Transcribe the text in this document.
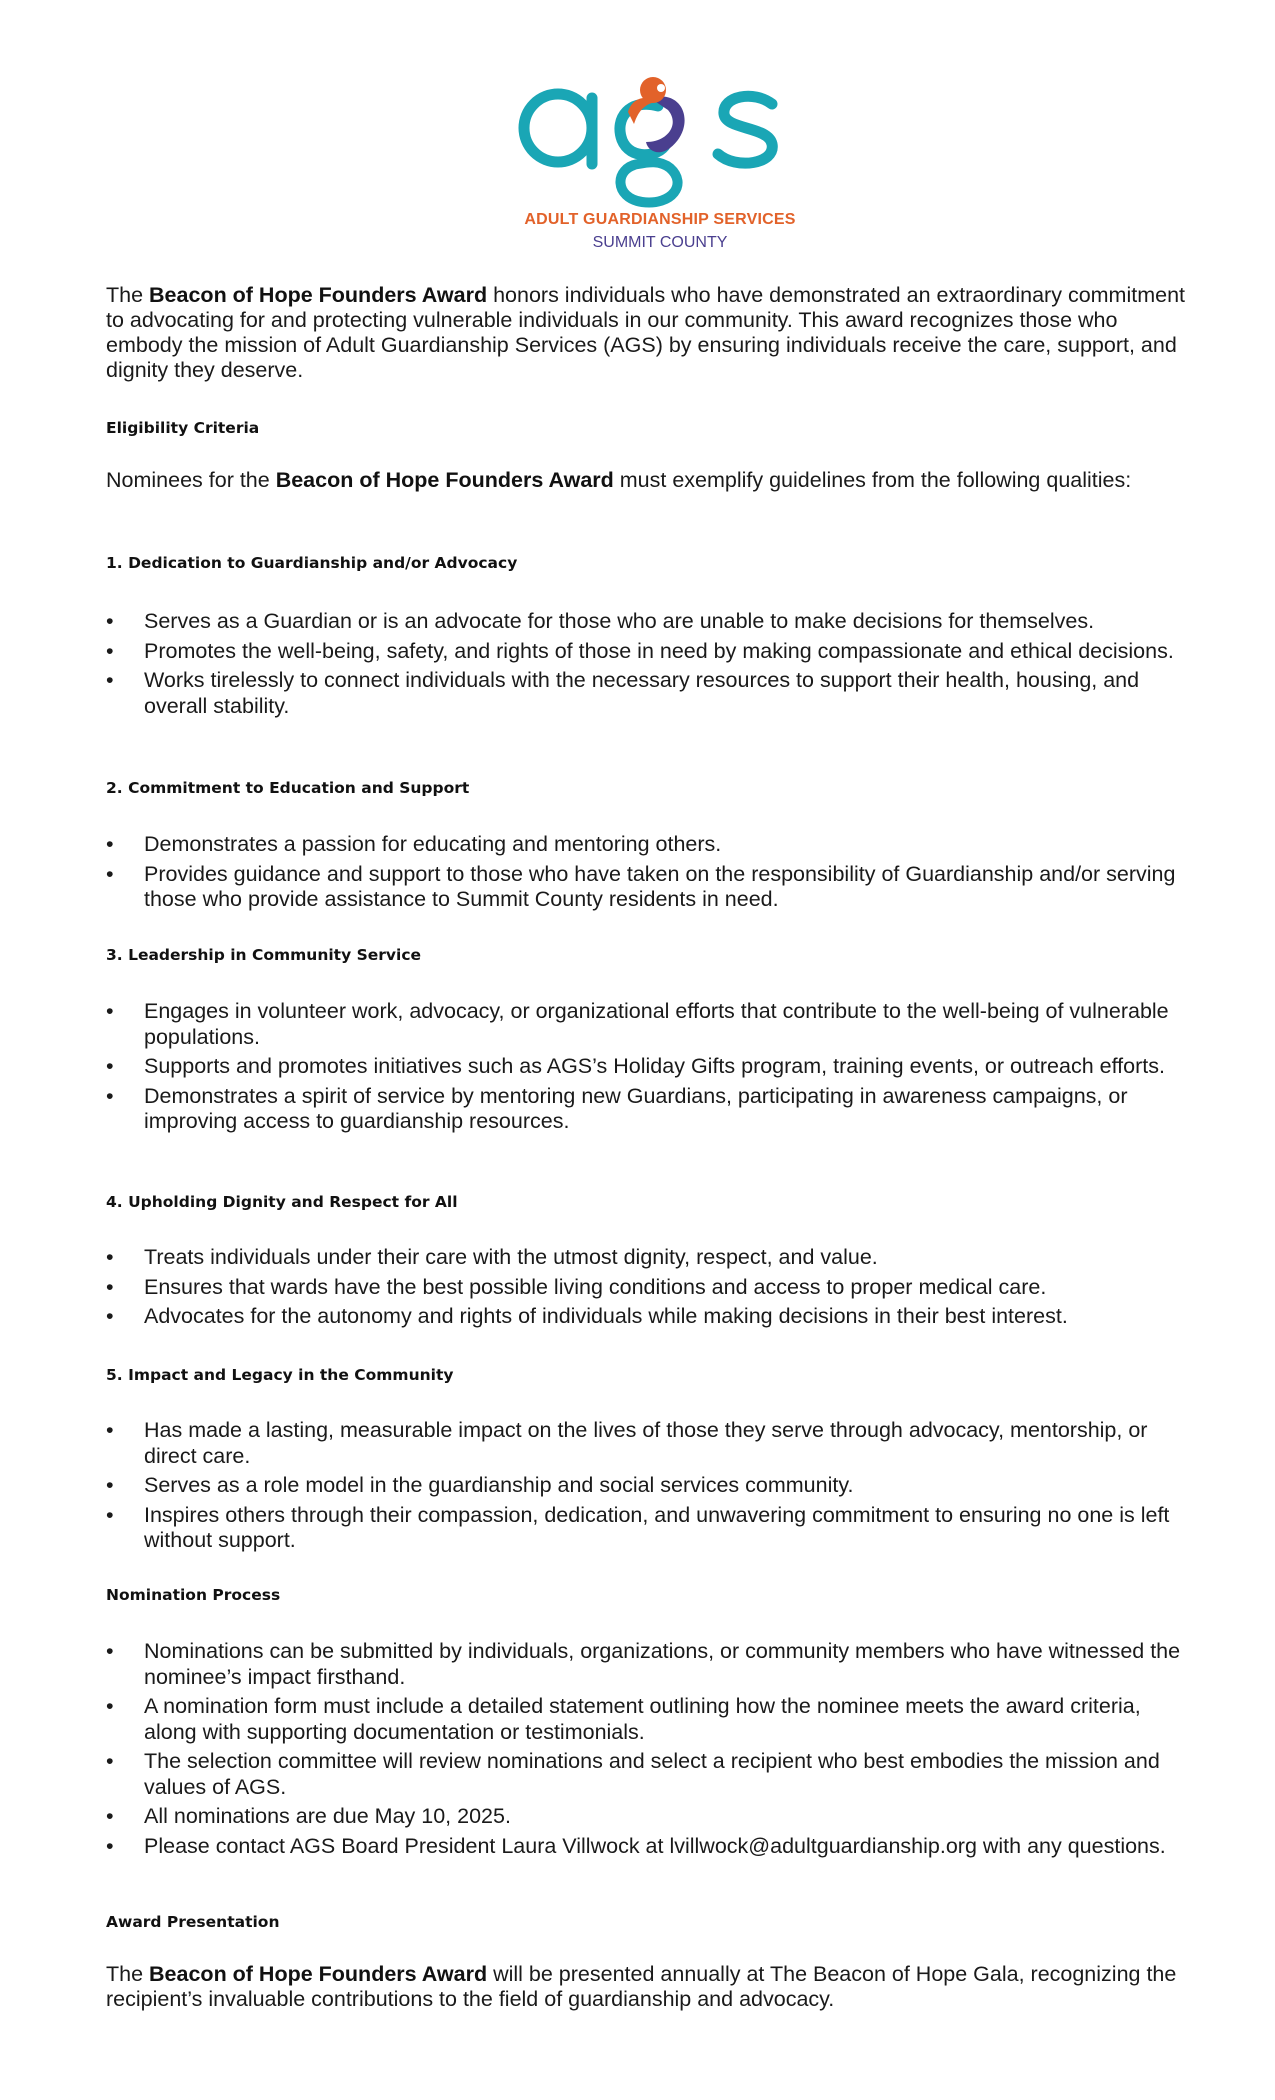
ADULT GUARDIANSHIP SERVICES
SUMMIT COUNTY

The Beacon of Hope Founders Award honors individuals who have demonstrated an extraordinary commitment to advocating for and protecting vulnerable individuals in our community. This award recognizes those who embody the mission of Adult Guardianship Services (AGS) by ensuring individuals receive the care, support, and dignity they deserve.

Eligibility Criteria

Nominees for the Beacon of Hope Founders Award must exemplify guidelines from the following qualities:

1. Dedication to Guardianship and/or Advocacy

• Serves as a Guardian or is an advocate for those who are unable to make decisions for themselves.
• Promotes the well-being, safety, and rights of those in need by making compassionate and ethical decisions.
• Works tirelessly to connect individuals with the necessary resources to support their health, housing, and overall stability.

2. Commitment to Education and Support

• Demonstrates a passion for educating and mentoring others.
• Provides guidance and support to those who have taken on the responsibility of Guardianship and/or serving those who provide assistance to Summit County residents in need.

3. Leadership in Community Service

• Engages in volunteer work, advocacy, or organizational efforts that contribute to the well-being of vulnerable populations.
• Supports and promotes initiatives such as AGS’s Holiday Gifts program, training events, or outreach efforts.
• Demonstrates a spirit of service by mentoring new Guardians, participating in awareness campaigns, or improving access to guardianship resources.

4. Upholding Dignity and Respect for All

• Treats individuals under their care with the utmost dignity, respect, and value.
• Ensures that wards have the best possible living conditions and access to proper medical care.
• Advocates for the autonomy and rights of individuals while making decisions in their best interest.

5. Impact and Legacy in the Community

• Has made a lasting, measurable impact on the lives of those they serve through advocacy, mentorship, or direct care.
• Serves as a role model in the guardianship and social services community.
• Inspires others through their compassion, dedication, and unwavering commitment to ensuring no one is left without support.

Nomination Process

• Nominations can be submitted by individuals, organizations, or community members who have witnessed the nominee’s impact firsthand.
• A nomination form must include a detailed statement outlining how the nominee meets the award criteria, along with supporting documentation or testimonials.
• The selection committee will review nominations and select a recipient who best embodies the mission and values of AGS.
• All nominations are due May 10, 2025.
• Please contact AGS Board President Laura Villwock at lvillwock@adultguardianship.org with any questions.

Award Presentation

The Beacon of Hope Founders Award will be presented annually at The Beacon of Hope Gala, recognizing the recipient’s invaluable contributions to the field of guardianship and advocacy.
